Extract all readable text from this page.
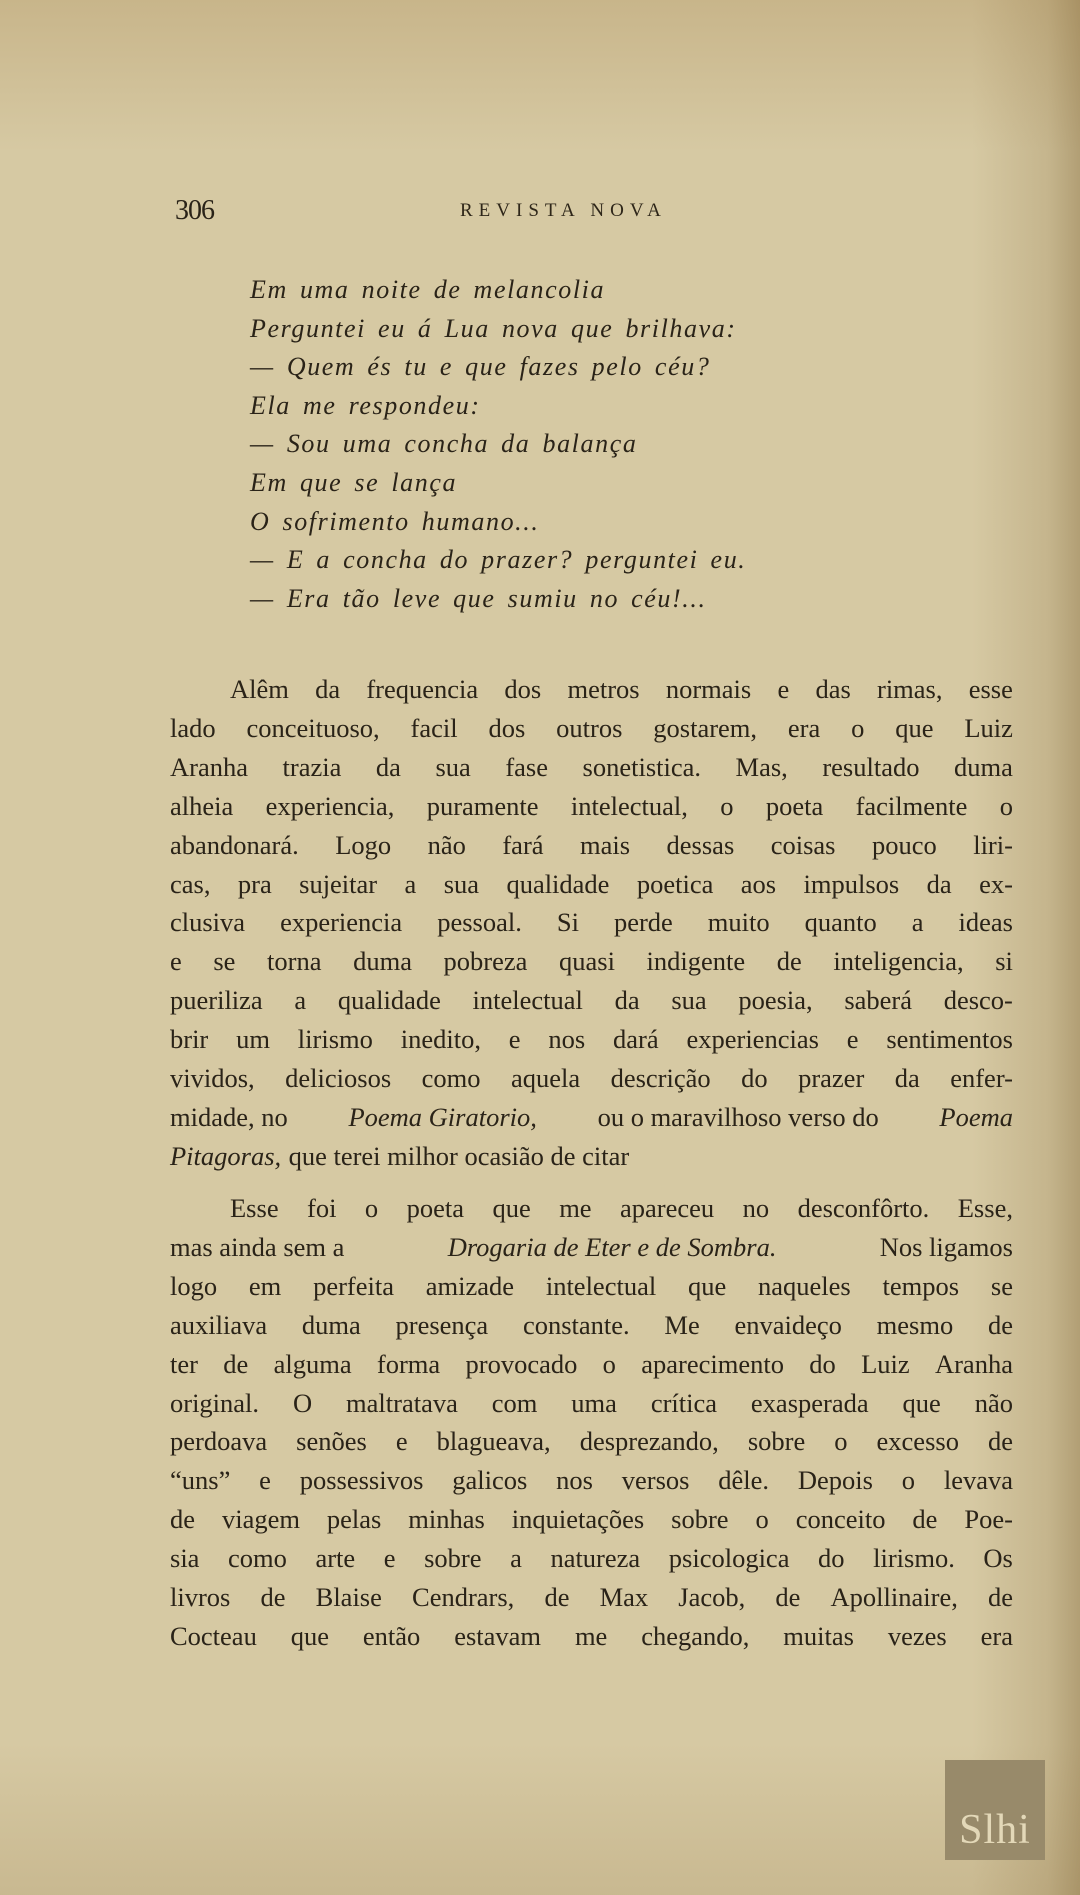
306	REVISTA NOVA
Em uma noite de melancolia
Perguntei eu á Lua nova que brilhava:
— Quem és tu e que fazes pelo céu?
Ela me respondeu:
— Sou uma concha da balança
Em que se lança
O sofrimento humano...
— E a concha do prazer? perguntei eu.
— Era tão leve que sumiu no céu!...
Alêm da frequencia dos metros normais e das rimas, esse
lado conceituoso, facil dos outros gostarem, era o que Luiz
Aranha trazia da sua fase sonetistica. Mas, resultado duma
alheia experiencia, puramente intelectual, o poeta facilmente o
abandonará. Logo não fará mais dessas coisas pouco liri-
cas, pra sujeitar a sua qualidade poetica aos impulsos da ex-
clusiva experiencia pessoal. Si perde muito quanto a ideas
e se torna duma pobreza quasi indigente de inteligencia, si
pueriliza a qualidade intelectual da sua poesia, saberá desco-
brir um lirismo inedito, e nos dará experiencias e sentimentos
vividos, deliciosos como aquela descrição do prazer da enfer-
midade, no Poema Giratorio, ou o maravilhoso verso do Poema
Pitagoras, que terei milhor ocasião de citar
Esse foi o poeta que me apareceu no desconfôrto. Esse,
mas ainda sem a	Drogaria de Eter e de Sombra.	Nos ligamos
logo em perfeita amizade intelectual que naqueles tempos se
auxiliava duma presença constante. Me envaideço mesmo de
ter de alguma forma provocado o aparecimento do Luiz Aranha
original. O maltratava com uma crítica exasperada que não
perdoava senões e blagueava, desprezando, sobre o excesso de
“uns” e possessivos galicos nos versos dêle. Depois o levava
de viagem pelas minhas inquietações sobre o conceito de Poe-
sia como arte e sobre a natureza psicologica do lirismo. Os
livros de Blaise Cendrars, de Max Jacob, de Apollinaire, de
Cocteau que então estavam me chegando, muitas vezes era
Slhi
